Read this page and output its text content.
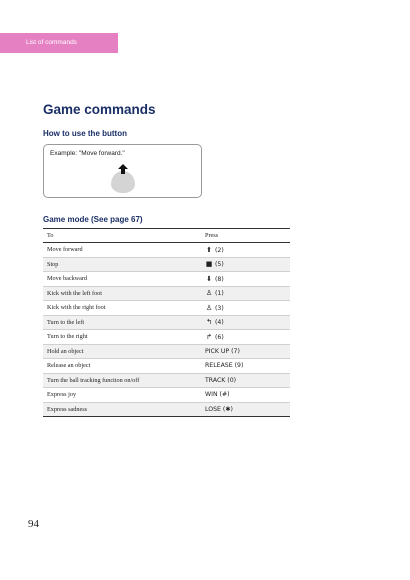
List of commands
Game commands
How to use the button
Example: "Move forward."
Game mode (See page 67)
To	Press
Move forward	⬆ (2)
Stop	■ (5)
Move backward	⬇ (8)
Kick with the left foot	♙ (1)
Kick with the right foot	♙ (3)
Turn to the left	↰ (4)
Turn to the right	↱ (6)
Hold an object	PICK UP (7)
Release an object	RELEASE (9)
Turn the ball tracking function on/off	TRACK (0)
Express joy	WIN (#)
Express sadness	LOSE (✱)
94
